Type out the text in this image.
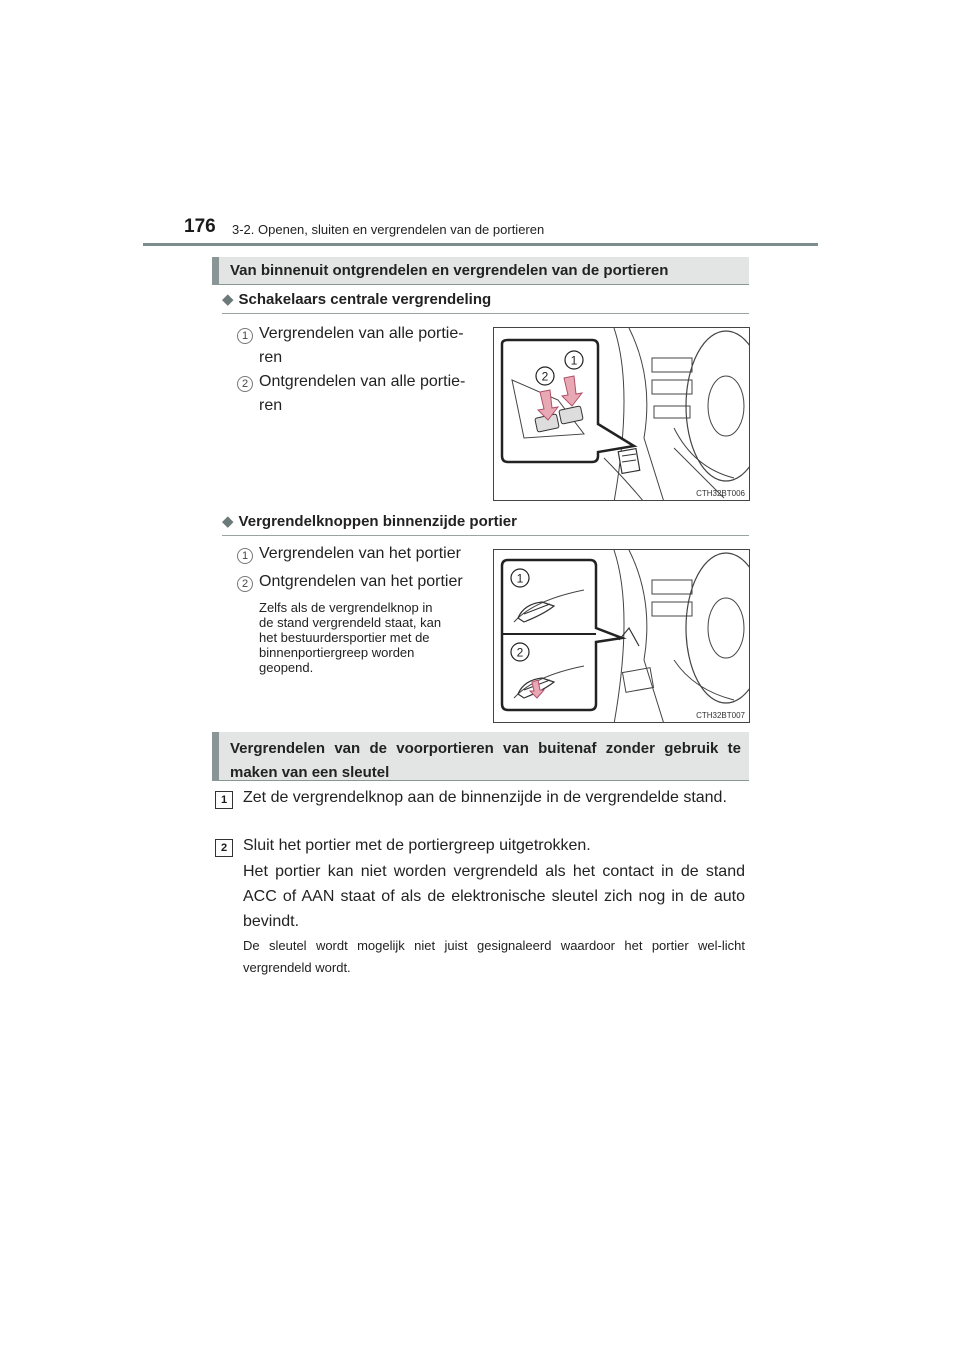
176 3-2. Openen, sluiten en vergrendelen van de portieren
Van binnenuit ontgrendelen en vergrendelen van de portieren
◆ Schakelaars centrale vergrendeling
1 Vergrendelen van alle portie-
ren
2 Ontgrendelen van alle portie-
ren
2
1
CTH32BT006
◆ Vergrendelknoppen binnenzijde portier
1 Vergrendelen van het portier
2 Ontgrendelen van het portier
Zelfs als de vergrendelknop in
de stand vergrendeld staat, kan
het bestuurdersportier met de
binnenportiergreep worden
geopend.
1
2
CTH32BT007
Vergrendelen van de voorportieren van buitenaf zonder gebruik te maken van een sleutel
1 Zet de vergrendelknop aan de binnenzijde in de vergrendelde stand.
2 Sluit het portier met de portiergreep uitgetrokken.
Het portier kan niet worden vergrendeld als het contact in de stand ACC of AAN staat of als de elektronische sleutel zich nog in de auto bevindt.
De sleutel wordt mogelijk niet juist gesignaleerd waardoor het portier wel-licht vergrendeld wordt.
